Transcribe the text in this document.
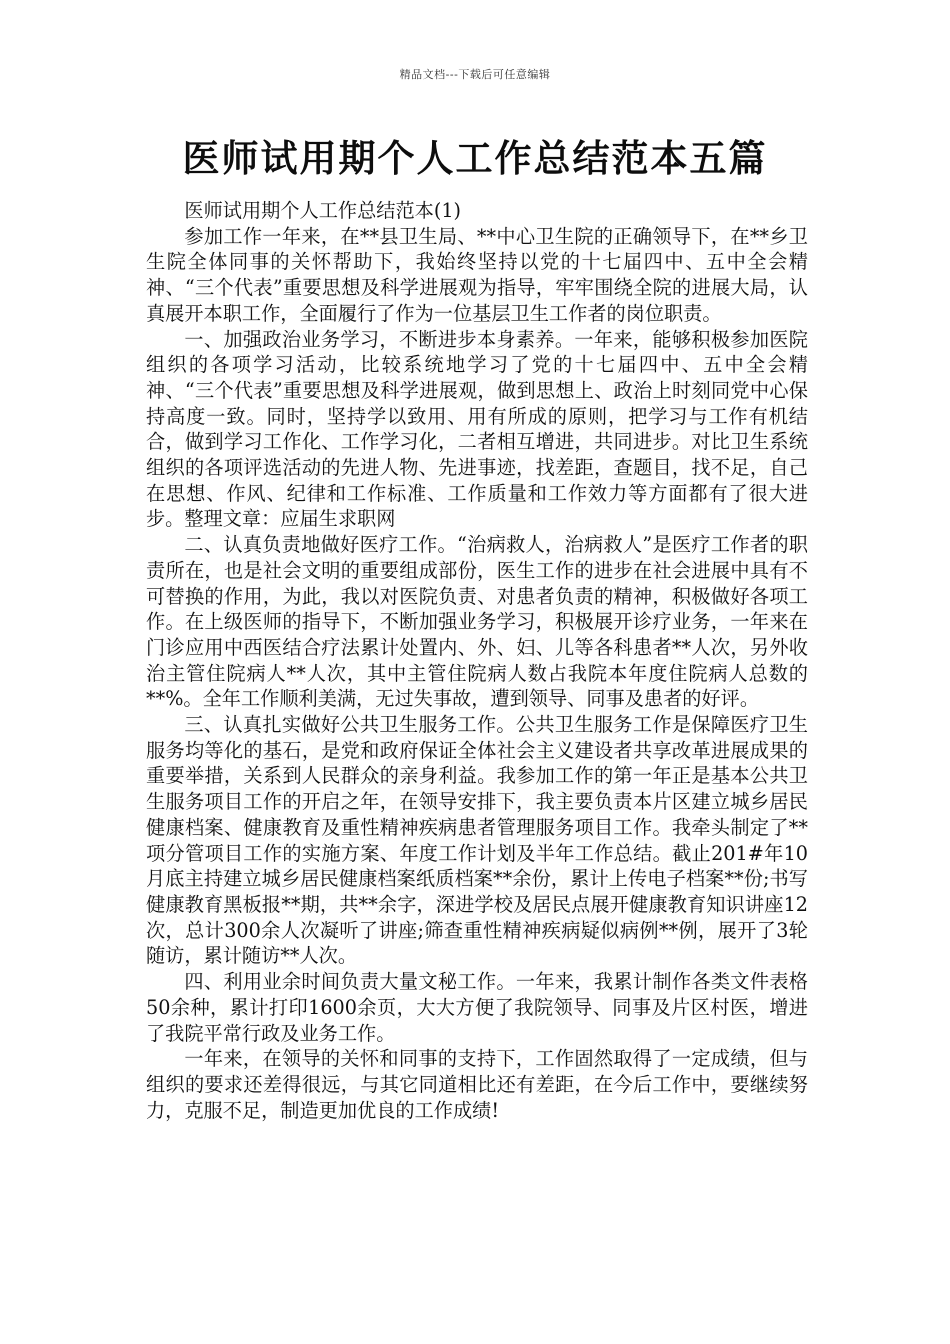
精品文档---下载后可任意编辑
医师试用期个人工作总结范本五篇

医师试用期个人工作总结范本(1)

参加工作一年来，在**县卫生局、**中心卫生院的正确领导下，在**乡卫生院全体同事的关怀帮助下，我始终坚持以党的十七届四中、五中全会精神、“三个代表”重要思想及科学进展观为指导，牢牢围绕全院的进展大局，认真展开本职工作，全面履行了作为一位基层卫生工作者的岗位职责。

一、加强政治业务学习，不断进步本身素养。一年来，能够积极参加医院组织的各项学习活动，比较系统地学习了党的十七届四中、五中全会精神、“三个代表”重要思想及科学进展观，做到思想上、政治上时刻同党中心保持高度一致。同时，坚持学以致用、用有所成的原则，把学习与工作有机结合，做到学习工作化、工作学习化，二者相互增进，共同进步。对比卫生系统组织的各项评选活动的先进人物、先进事迹，找差距，查题目，找不足，自己在思想、作风、纪律和工作标准、工作质量和工作效力等方面都有了很大进步。整理文章：应届生求职网

二、认真负责地做好医疗工作。“治病救人，治病救人”是医疗工作者的职责所在，也是社会文明的重要组成部份，医生工作的进步在社会进展中具有不可替换的作用，为此，我以对医院负责、对患者负责的精神，积极做好各项工作。在上级医师的指导下，不断加强业务学习，积极展开诊疗业务，一年来在门诊应用中西医结合疗法累计处置内、外、妇、儿等各科患者**人次，另外收治主管住院病人**人次，其中主管住院病人数占我院本年度住院病人总数的**%。全年工作顺利美满，无过失事故，遭到领导、同事及患者的好评。

三、认真扎实做好公共卫生服务工作。公共卫生服务工作是保障医疗卫生服务均等化的基石，是党和政府保证全体社会主义建设者共享改革进展成果的重要举措，关系到人民群众的亲身利益。我参加工作的第一年正是基本公共卫生服务项目工作的开启之年，在领导安排下，我主要负责本片区建立城乡居民健康档案、健康教育及重性精神疾病患者管理服务项目工作。我牵头制定了**项分管项目工作的实施方案、年度工作计划及半年工作总结。截止201#年10月底主持建立城乡居民健康档案纸质档案**余份，累计上传电子档案**份;书写健康教育黑板报**期，共**余字，深进学校及居民点展开健康教育知识讲座12次，总计300余人次凝听了讲座;筛查重性精神疾病疑似病例**例，展开了3轮随访，累计随访**人次。

四、利用业余时间负责大量文秘工作。一年来，我累计制作各类文件表格50余种，累计打印1600余页，大大方便了我院领导、同事及片区村医，增进了我院平常行政及业务工作。

一年来，在领导的关怀和同事的支持下，工作固然取得了一定成绩，但与组织的要求还差得很远，与其它同道相比还有差距，在今后工作中，要继续努力，克服不足，制造更加优良的工作成绩!
